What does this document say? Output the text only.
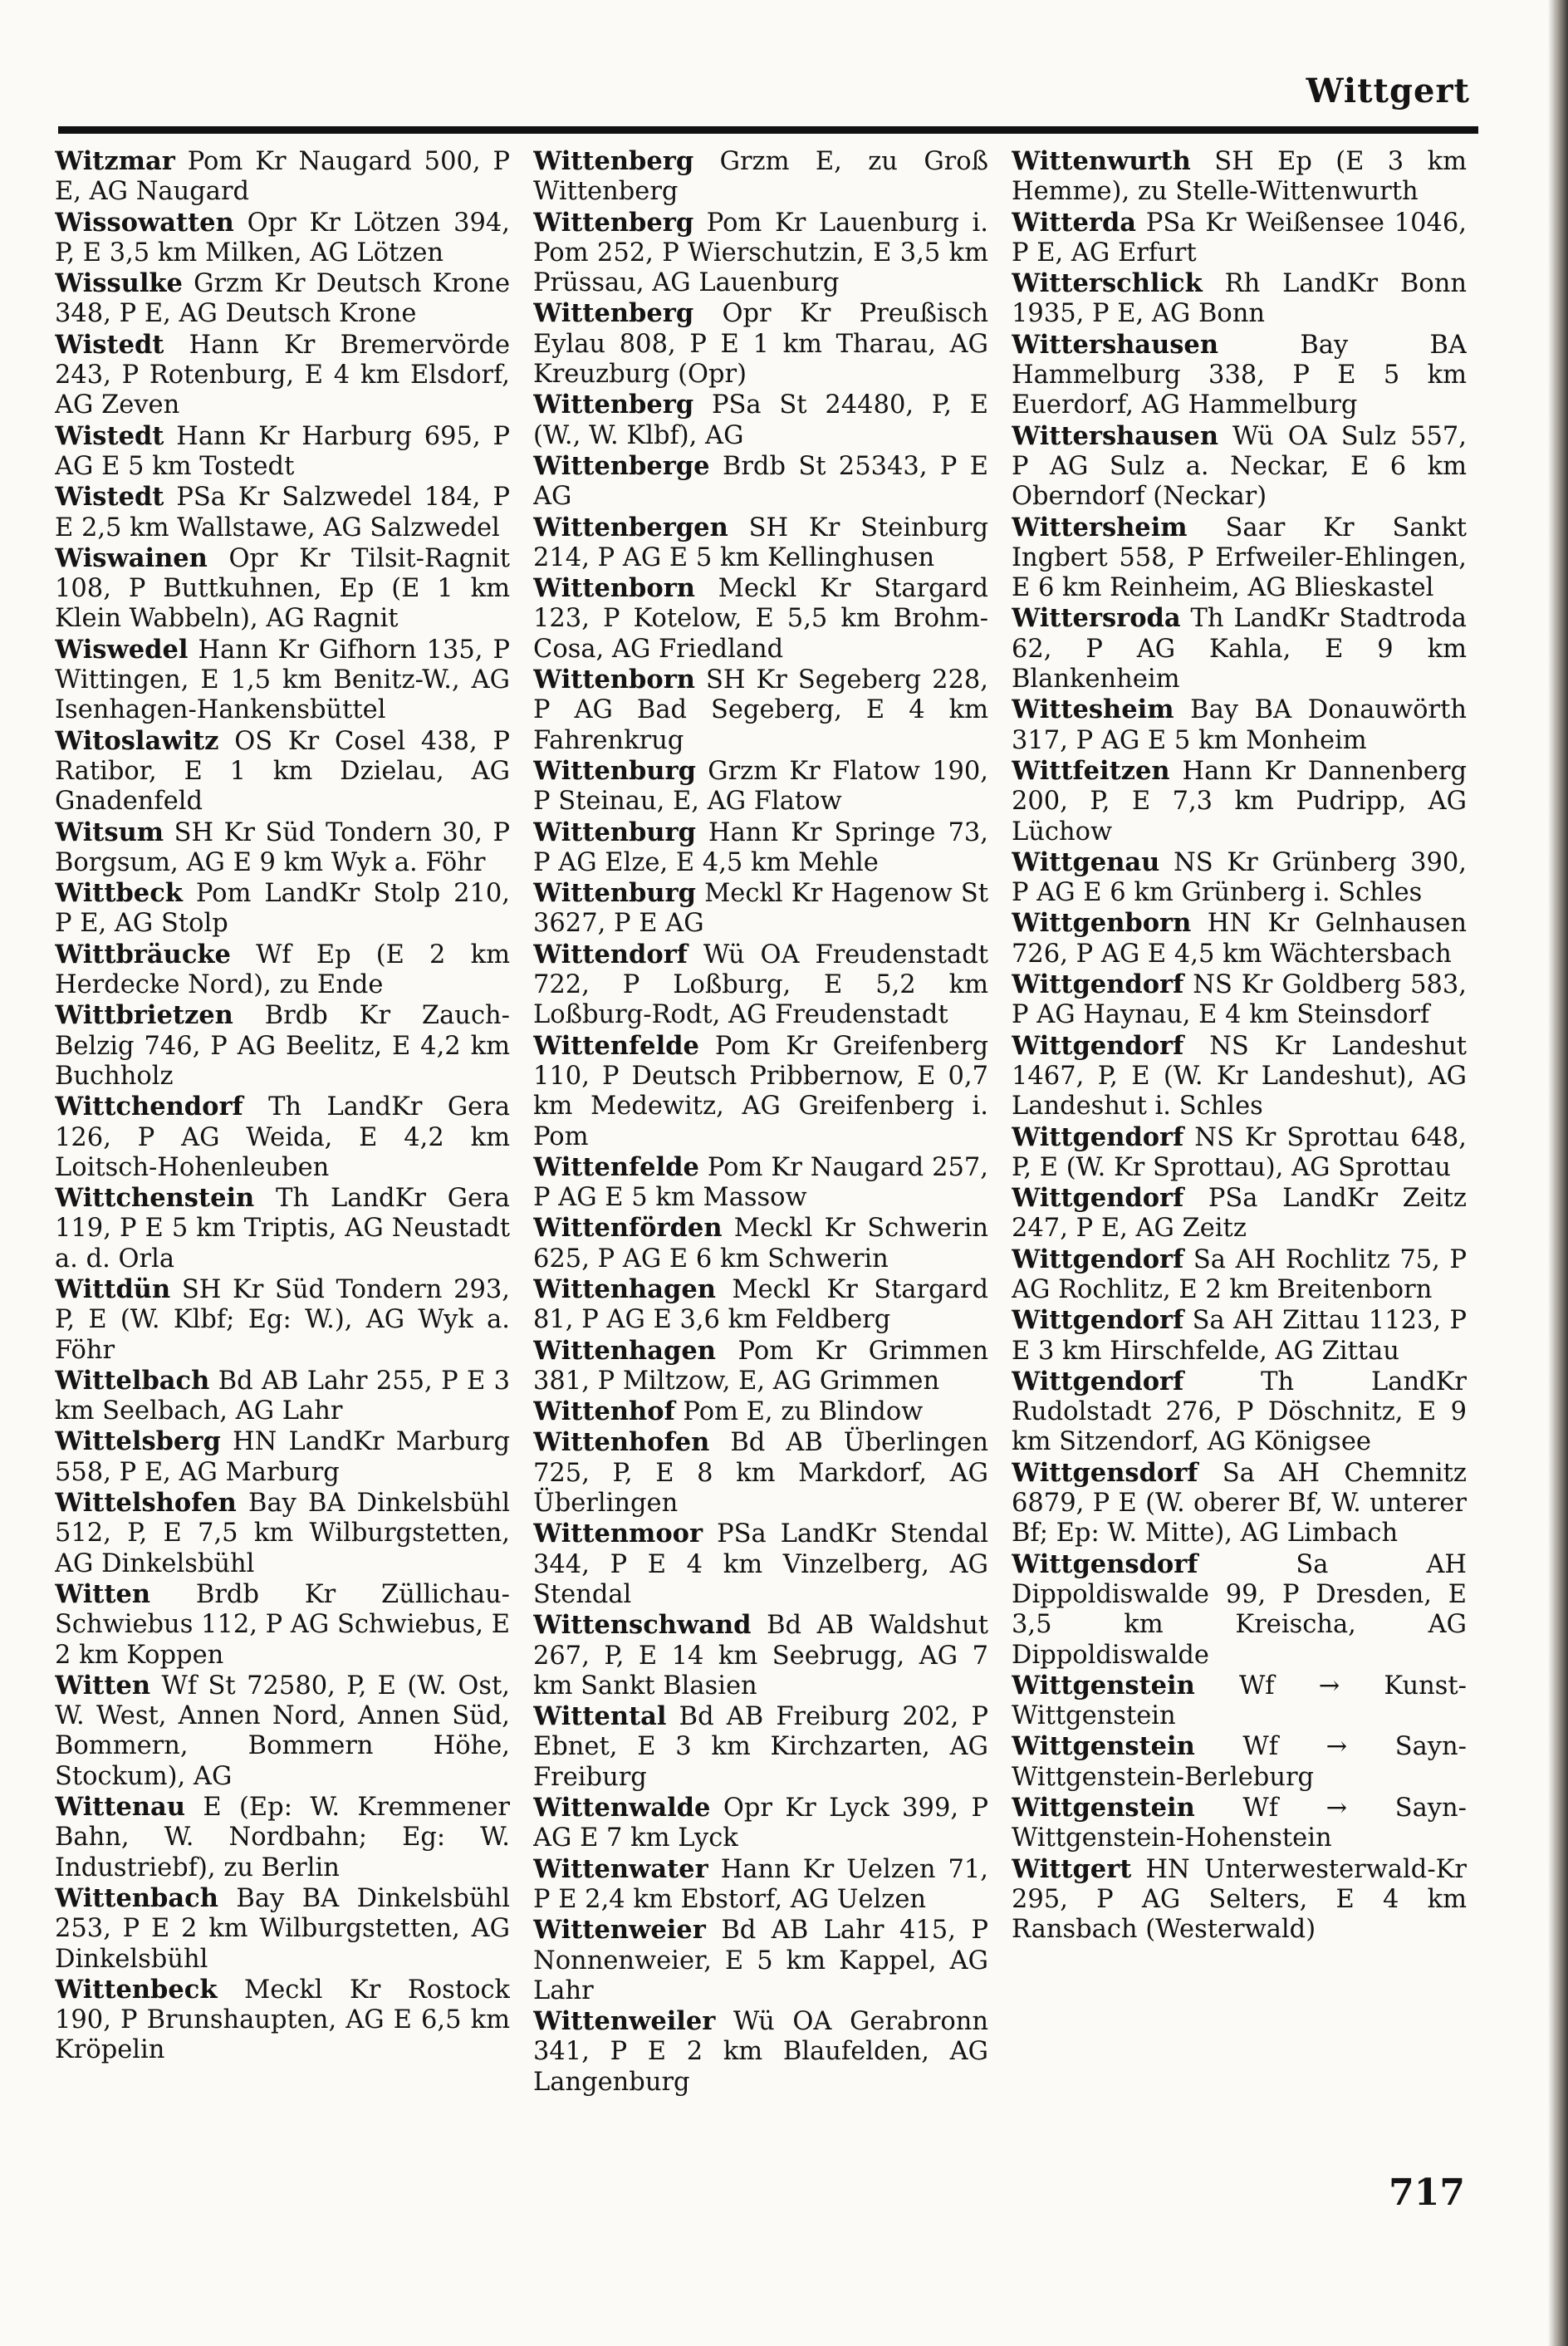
Wittgert

Witzmar Pom Kr Naugard 500, P E, AG Naugard

Wissowatten Opr Kr Lötzen 394, P, E 3,5 km Milken, AG Lötzen

Wissulke Grzm Kr Deutsch Krone 348, P E, AG Deutsch Krone

Wistedt Hann Kr Bremervörde 243, P Rotenburg, E 4 km Elsdorf, AG Zeven

Wistedt Hann Kr Harburg 695, P AG E 5 km Tostedt

Wistedt PSa Kr Salzwedel 184, P E 2,5 km Wallstawe, AG Salzwedel

Wiswainen Opr Kr Tilsit-Ragnit 108, P Buttkuhnen, Ep (E 1 km Klein Wabbeln), AG Ragnit

Wiswedel Hann Kr Gifhorn 135, P Wittingen, E 1,5 km Benitz-W., AG Isenhagen-Hankensbüttel

Witoslawitz OS Kr Cosel 438, P Ratibor, E 1 km Dzielau, AG Gnadenfeld

Witsum SH Kr Süd Tondern 30, P Borgsum, AG E 9 km Wyk a. Föhr

Wittbeck Pom LandKr Stolp 210, P E, AG Stolp

Wittbräucke Wf Ep (E 2 km Herdecke Nord), zu Ende

Wittbrietzen Brdb Kr Zauch-Belzig 746, P AG Beelitz, E 4,2 km Buchholz

Wittchendorf Th LandKr Gera 126, P AG Weida, E 4,2 km Loitsch-Hohenleuben

Wittchenstein Th LandKr Gera 119, P E 5 km Triptis, AG Neustadt a. d. Orla

Wittdün SH Kr Süd Tondern 293, P, E (W. Klbf; Eg: W.), AG Wyk a. Föhr

Wittelbach Bd AB Lahr 255, P E 3 km Seelbach, AG Lahr

Wittelsberg HN LandKr Marburg 558, P E, AG Marburg

Wittelshofen Bay BA Dinkelsbühl 512, P, E 7,5 km Wilburgstetten, AG Dinkelsbühl

Witten Brdb Kr Züllichau-Schwiebus 112, P AG Schwiebus, E 2 km Koppen

Witten Wf St 72580, P, E (W. Ost, W. West, Annen Nord, Annen Süd, Bommern, Bommern Höhe, Stockum), AG

Wittenau E (Ep: W. Kremmener Bahn, W. Nordbahn; Eg: W. Industriebf), zu Berlin

Wittenbach Bay BA Dinkelsbühl 253, P E 2 km Wilburgstetten, AG Dinkelsbühl

Wittenbeck Meckl Kr Rostock 190, P Brunshaupten, AG E 6,5 km Kröpelin

Wittenberg Grzm E, zu Groß Wittenberg

Wittenberg Pom Kr Lauenburg i. Pom 252, P Wierschutzin, E 3,5 km Prüssau, AG Lauenburg

Wittenberg Opr Kr Preußisch Eylau 808, P E 1 km Tharau, AG Kreuzburg (Opr)

Wittenberg PSa St 24480, P, E (W., W. Klbf), AG

Wittenberge Brdb St 25343, P E AG

Wittenbergen SH Kr Steinburg 214, P AG E 5 km Kellinghusen

Wittenborn Meckl Kr Stargard 123, P Kotelow, E 5,5 km Brohm-Cosa, AG Friedland

Wittenborn SH Kr Segeberg 228, P AG Bad Segeberg, E 4 km Fahrenkrug

Wittenburg Grzm Kr Flatow 190, P Steinau, E, AG Flatow

Wittenburg Hann Kr Springe 73, P AG Elze, E 4,5 km Mehle

Wittenburg Meckl Kr Hagenow St 3627, P E AG

Wittendorf Wü OA Freudenstadt 722, P Loßburg, E 5,2 km Loßburg-Rodt, AG Freudenstadt

Wittenfelde Pom Kr Greifenberg 110, P Deutsch Pribbernow, E 0,7 km Medewitz, AG Greifenberg i. Pom

Wittenfelde Pom Kr Naugard 257, P AG E 5 km Massow

Wittenförden Meckl Kr Schwerin 625, P AG E 6 km Schwerin

Wittenhagen Meckl Kr Stargard 81, P AG E 3,6 km Feldberg

Wittenhagen Pom Kr Grimmen 381, P Miltzow, E, AG Grimmen

Wittenhof Pom E, zu Blindow

Wittenhofen Bd AB Überlingen 725, P, E 8 km Markdorf, AG Überlingen

Wittenmoor PSa LandKr Stendal 344, P E 4 km Vinzelberg, AG Stendal

Wittenschwand Bd AB Waldshut 267, P, E 14 km Seebrugg, AG 7 km Sankt Blasien

Wittental Bd AB Freiburg 202, P Ebnet, E 3 km Kirchzarten, AG Freiburg

Wittenwalde Opr Kr Lyck 399, P AG E 7 km Lyck

Wittenwater Hann Kr Uelzen 71, P E 2,4 km Ebstorf, AG Uelzen

Wittenweier Bd AB Lahr 415, P Nonnenweier, E 5 km Kappel, AG Lahr

Wittenweiler Wü OA Gerabronn 341, P E 2 km Blaufelden, AG Langenburg

Wittenwurth SH Ep (E 3 km Hemme), zu Stelle-Wittenwurth

Witterda PSa Kr Weißensee 1046, P E, AG Erfurt

Witterschlick Rh LandKr Bonn 1935, P E, AG Bonn

Wittershausen	Bay BA Hammelburg 338, P E 5 km Euerdorf, AG Hammelburg

Wittershausen Wü OA Sulz 557, P AG Sulz a. Neckar, E 6 km Oberndorf (Neckar)

Wittersheim Saar Kr Sankt Ingbert 558, P Erfweiler-Ehlingen, E 6 km Reinheim, AG Blieskastel

Wittersroda Th LandKr Stadtroda 62, P AG Kahla, E 9 km Blankenheim

Wittesheim Bay BA Donauwörth 317, P AG E 5 km Monheim

Wittfeitzen Hann Kr Dannenberg 200, P, E 7,3 km Pudripp, AG Lüchow

Wittgenau NS Kr Grünberg 390, P AG E 6 km Grünberg i. Schles

Wittgenborn HN Kr Gelnhausen 726, P AG E 4,5 km Wächtersbach

Wittgendorf NS Kr Goldberg 583, P AG Haynau, E 4 km Steinsdorf

Wittgendorf NS Kr Landeshut 1467, P, E (W. Kr Landeshut), AG Landeshut i. Schles

Wittgendorf NS Kr Sprottau 648, P, E (W. Kr Sprottau), AG Sprottau

Wittgendorf PSa LandKr Zeitz 247, P E, AG Zeitz

Wittgendorf Sa AH Rochlitz 75, P AG Rochlitz, E 2 km Breitenborn

Wittgendorf Sa AH Zittau 1123, P E 3 km Hirschfelde, AG Zittau

Wittgendorf	Th LandKr Rudolstadt 276, P Döschnitz, E 9 km Sitzendorf, AG Königsee

Wittgensdorf Sa AH Chemnitz 6879, P E (W. oberer Bf, W. unterer Bf; Ep: W. Mitte), AG Limbach

Wittgensdorf	Sa AH Dippoldiswalde 99, P Dresden, E 3,5 km Kreischa, AG Dippoldiswalde

Wittgenstein Wf → Kunst-Wittgenstein

Wittgenstein Wf → Sayn-Wittgenstein-Berleburg

Wittgenstein Wf → Sayn-Wittgenstein-Hohenstein

Wittgert HN Unterwesterwald-Kr 295, P AG Selters, E 4 km Ransbach (Westerwald)

717
